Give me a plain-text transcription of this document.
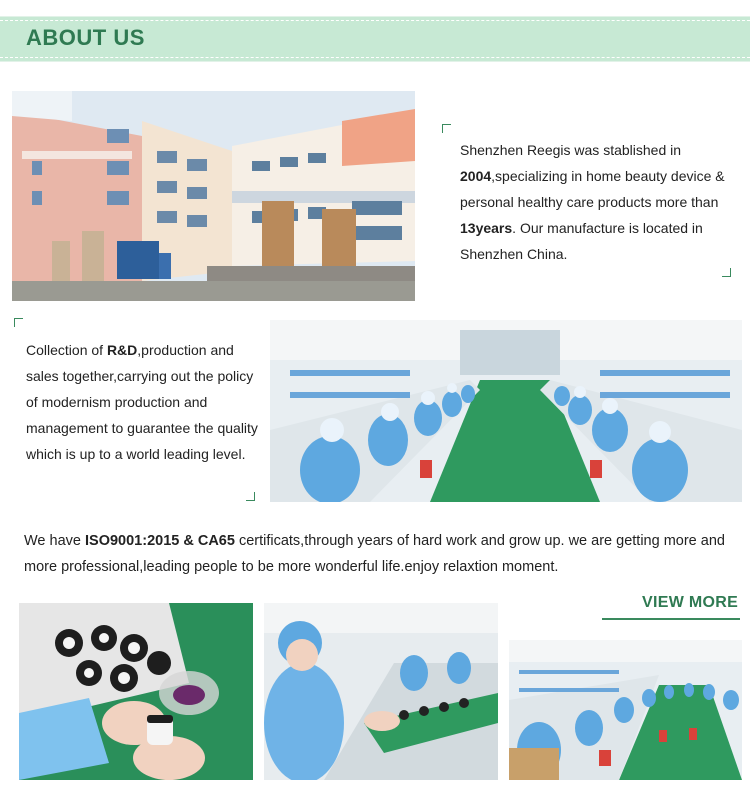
ABOUT US
Shenzhen Reegis was stablished in 2004,specializing in home beauty device & personal healthy care products more than 13years. Our manufacture is located in Shenzhen China.
Collection of R&D,production and sales together,carrying out the policy of modernism production and management to guarantee the quality which is up to a world leading level.
We have ISO9001:2015 & CA65 certificats,through years of hard work and grow up. we are getting more and more professional,leading people to be more wonderful life.enjoy relaxtion moment.
VIEW MORE
